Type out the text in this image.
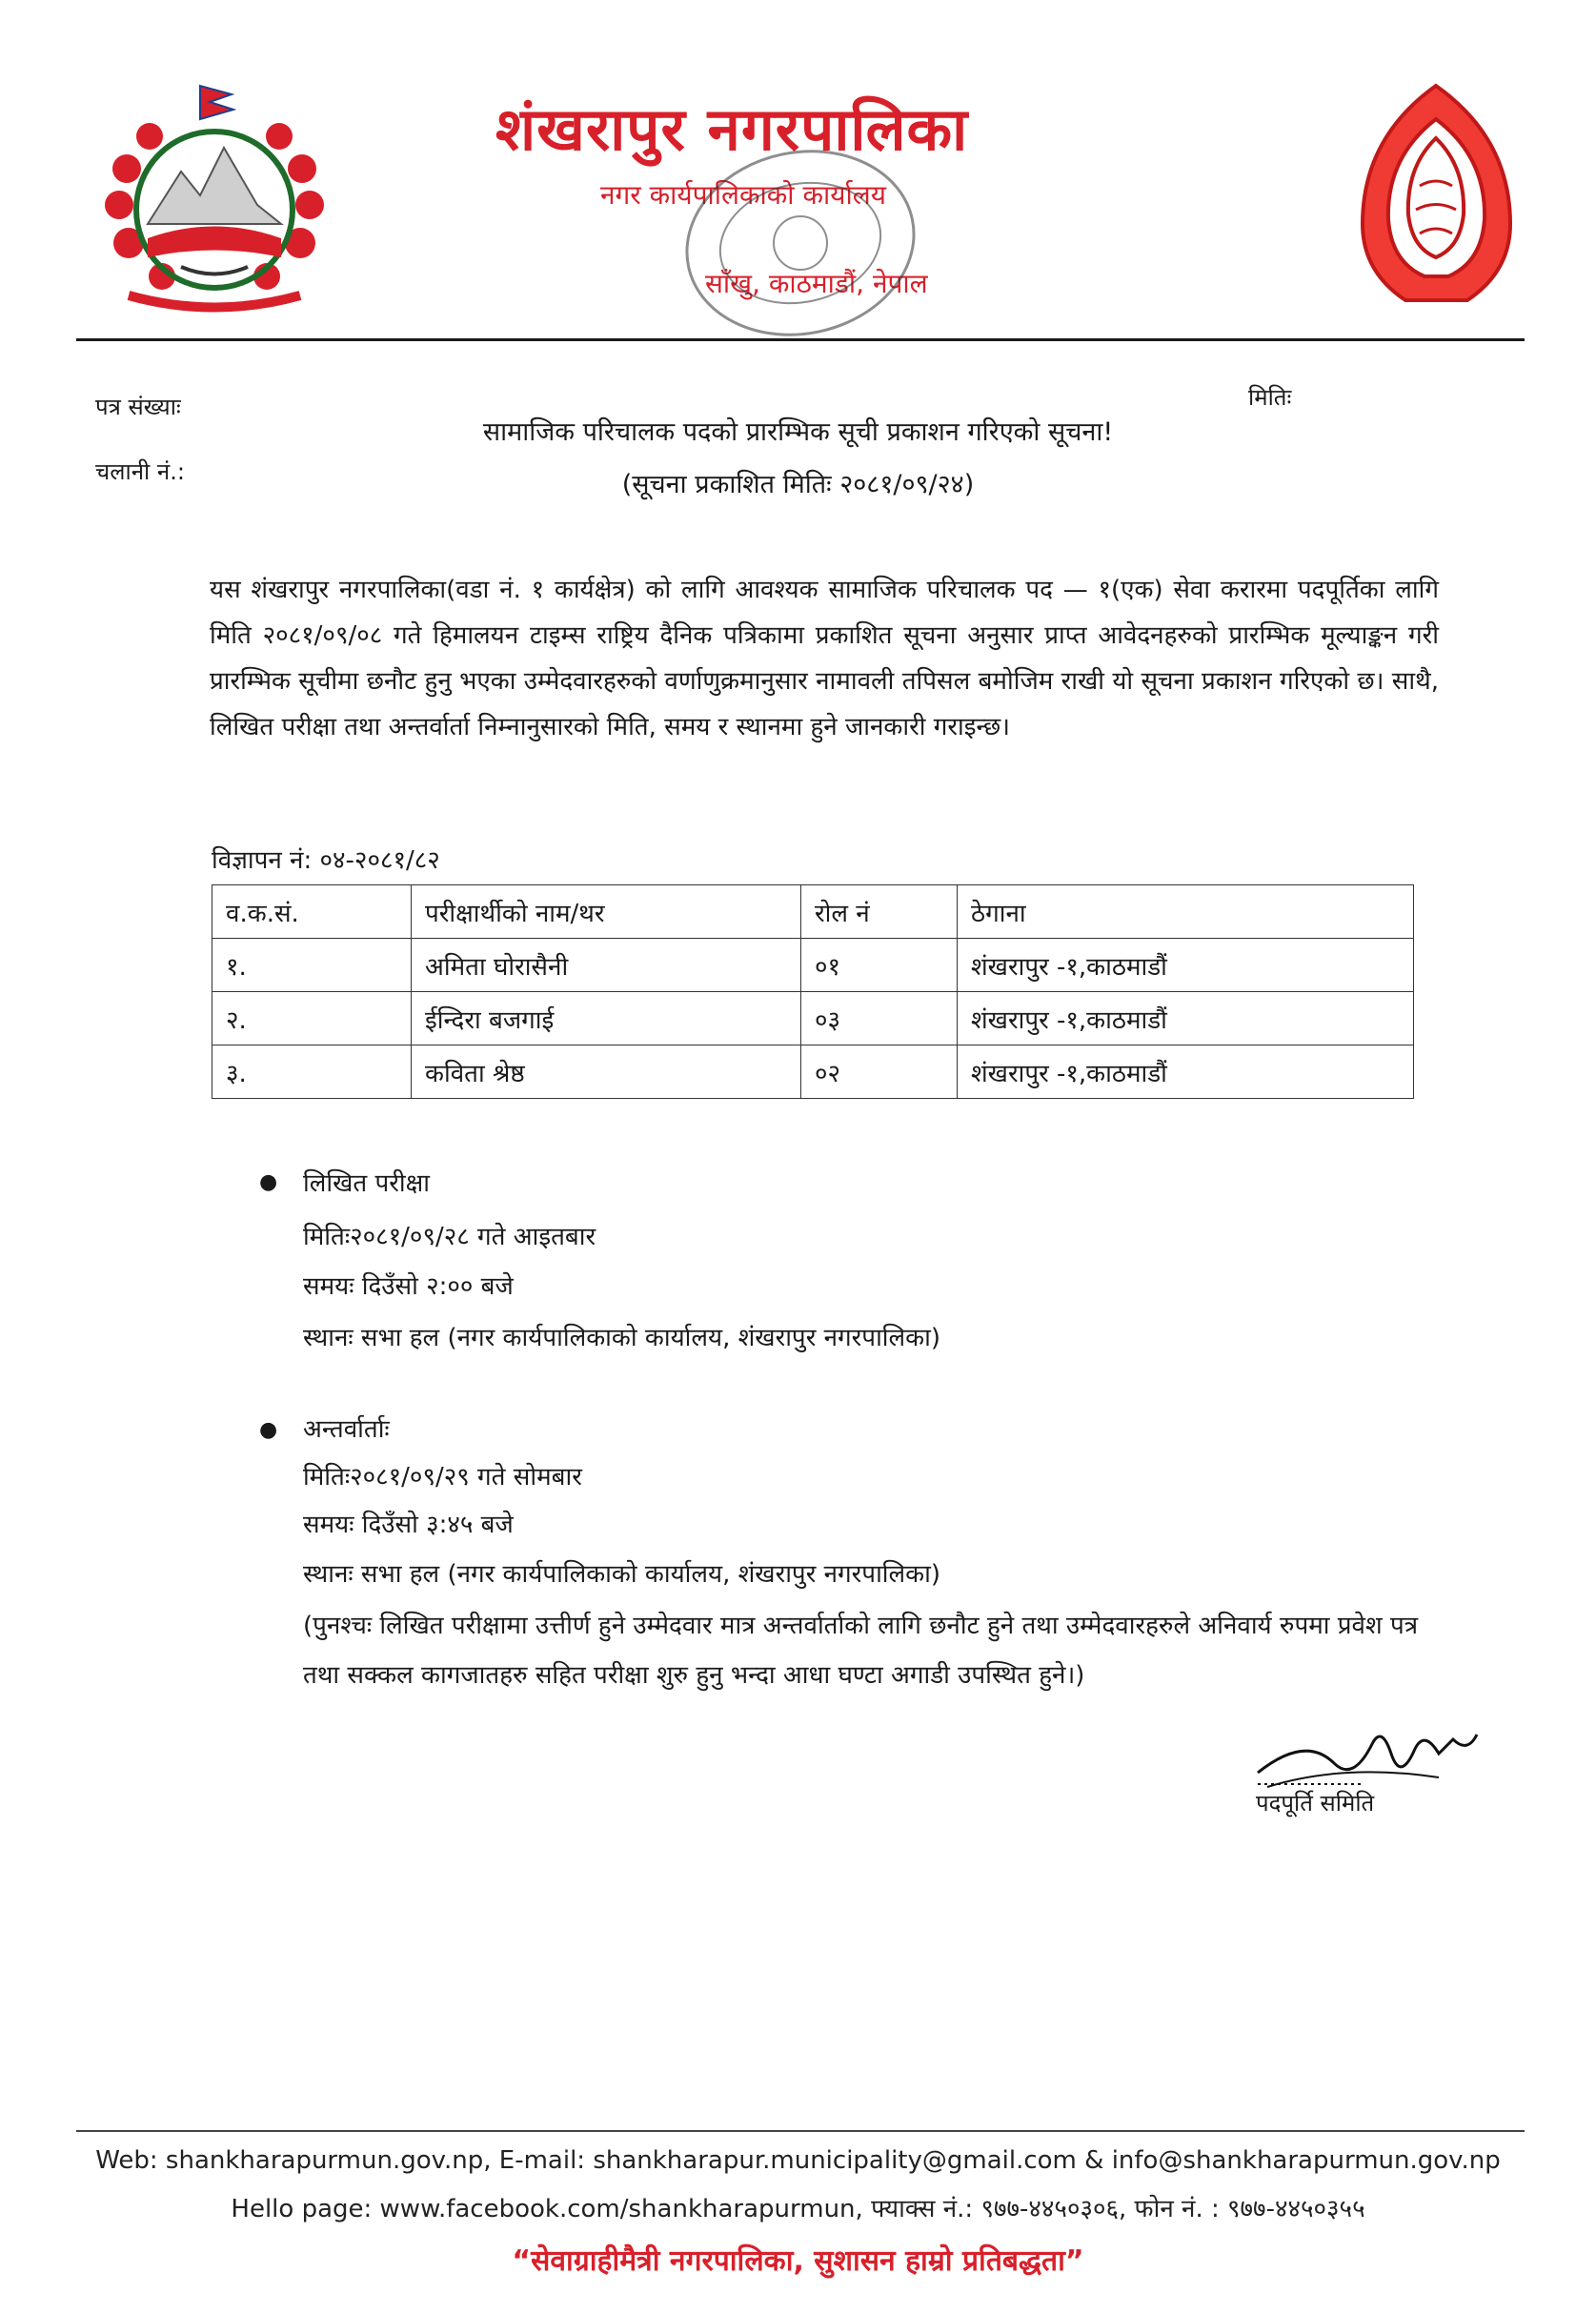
शंखरापुर नगरपालिका
नगर कार्यपालिकाको कार्यालय
साँखु, काठमाडौं, नेपाल
पत्र संख्याः
चलानी नं.:
मितिः
सामाजिक परिचालक पदको प्रारम्भिक सूची प्रकाशन गरिएको सूचना!
(सूचना प्रकाशित मितिः २०८१/०९/२४)
यस शंखरापुर नगरपालिका(वडा नं. १ कार्यक्षेत्र) को लागि आवश्यक सामाजिक परिचालक पद — १(एक) सेवा करारमा पदपूर्तिका लागि मिति २०८१/०९/०८ गते हिमालयन टाइम्स राष्ट्रिय दैनिक पत्रिकामा प्रकाशित सूचना अनुसार प्राप्त आवेदनहरुको प्रारम्भिक मूल्याङ्कन गरी प्रारम्भिक सूचीमा छनौट हुनु भएका उम्मेदवारहरुको वर्णाणुक्रमानुसार नामावली तपिसल बमोजिम राखी यो सूचना प्रकाशन गरिएको छ। साथै, लिखित परीक्षा तथा अन्तर्वार्ता निम्नानुसारको मिति, समय र स्थानमा हुने जानकारी गराइन्छ।
विज्ञापन नं: ०४-२०८१/८२
व.क.सं.	परीक्षार्थीको नाम/थर	रोल नं	ठेगाना
१.	अमिता घोरासैनी	०१	शंखरापुर -१,काठमाडौं
२.	ईन्दिरा बजगाई	०३	शंखरापुर -१,काठमाडौं
३.	कविता श्रेष्ठ	०२	शंखरापुर -१,काठमाडौं
● लिखित परीक्षा
मितिः२०८१/०९/२८ गते आइतबार
समयः दिउँसो २:०० बजे
स्थानः सभा हल (नगर कार्यपालिकाको कार्यालय, शंखरापुर नगरपालिका)
● अन्तर्वार्ताः
मितिः२०८१/०९/२९ गते सोमबार
समयः दिउँसो ३:४५ बजे
स्थानः सभा हल (नगर कार्यपालिकाको कार्यालय, शंखरापुर नगरपालिका)
(पुनश्चः लिखित परीक्षामा उत्तीर्ण हुने उम्मेदवार मात्र अन्तर्वार्ताको लागि छनौट हुने तथा उम्मेदवारहरुले अनिवार्य रुपमा प्रवेश पत्र तथा सक्कल कागजातहरु सहित परीक्षा शुरु हुनु भन्दा आधा घण्टा अगाडी उपस्थित हुने।)
पदपूर्ति समिति
Web: shankharapurmun.gov.np, E-mail: shankharapur.municipality@gmail.com & info@shankharapurmun.gov.np
Hello page: www.facebook.com/shankharapurmun, फ्याक्स नं.: ९७७-४४५०३०६, फोन नं. : ९७७-४४५०३५५
“सेवाग्राहीमैत्री नगरपालिका, सुशासन हाम्रो प्रतिबद्धता”
